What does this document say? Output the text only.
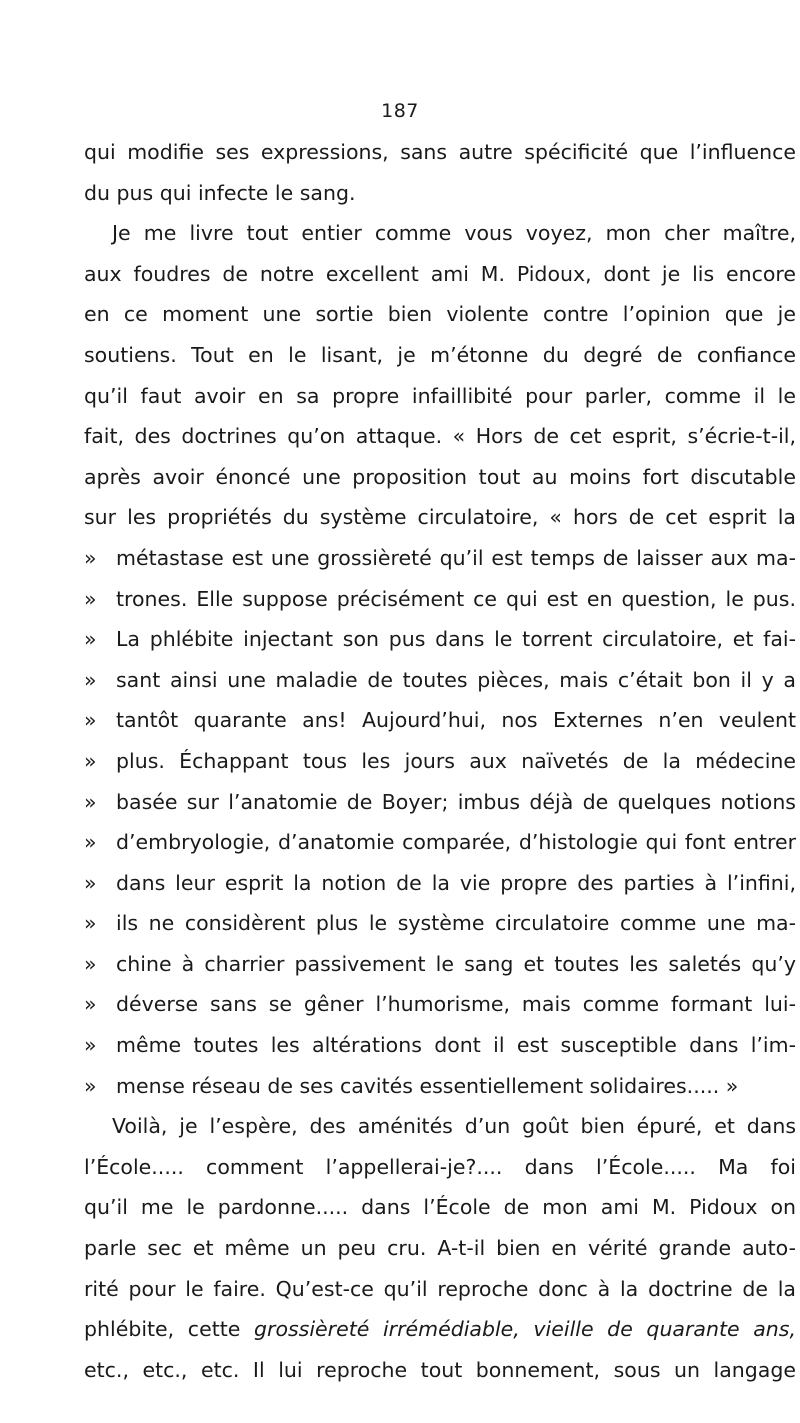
187
qui modifie ses expressions, sans autre spécificité que l’influence
du pus qui infecte le sang.
Je me livre tout entier comme vous voyez, mon cher maître,
aux foudres de notre excellent ami M. Pidoux, dont je lis encore
en ce moment une sortie bien violente contre l’opinion que je
soutiens. Tout en le lisant, je m’étonne du degré de confiance
qu’il faut avoir en sa propre infaillibité pour parler, comme il le
fait, des doctrines qu’on attaque. « Hors de cet esprit, s’écrie-t-il,
après avoir énoncé une proposition tout au moins fort discutable
sur les propriétés du système circulatoire, « hors de cet esprit la
» métastase est une grossièreté qu’il est temps de laisser aux ma-
» trones. Elle suppose précisément ce qui est en question, le pus.
» La phlébite injectant son pus dans le torrent circulatoire, et fai-
» sant ainsi une maladie de toutes pièces, mais c’était bon il y a
» tantôt quarante ans! Aujourd’hui, nos Externes n’en veulent
» plus. Échappant tous les jours aux naïvetés de la médecine
» basée sur l’anatomie de Boyer; imbus déjà de quelques notions
» d’embryologie, d’anatomie comparée, d’histologie qui font entrer
» dans leur esprit la notion de la vie propre des parties à l’infini,
» ils ne considèrent plus le système circulatoire comme une ma-
» chine à charrier passivement le sang et toutes les saletés qu’y
» déverse sans se gêner l’humorisme, mais comme formant lui-
» même toutes les altérations dont il est susceptible dans l’im-
» mense réseau de ses cavités essentiellement solidaires..... »
Voilà, je l’espère, des aménités d’un goût bien épuré, et dans
l’École..... comment l’appellerai-je?.... dans l’École..... Ma foi
qu’il me le pardonne..... dans l’École de mon ami M. Pidoux on
parle sec et même un peu cru. A-t-il bien en vérité grande auto-
rité pour le faire. Qu’est-ce qu’il reproche donc à la doctrine de la
phlébite, cette grossièreté irrémédiable, vieille de quarante ans,
etc., etc., etc. Il lui reproche tout bonnement, sous un langage
